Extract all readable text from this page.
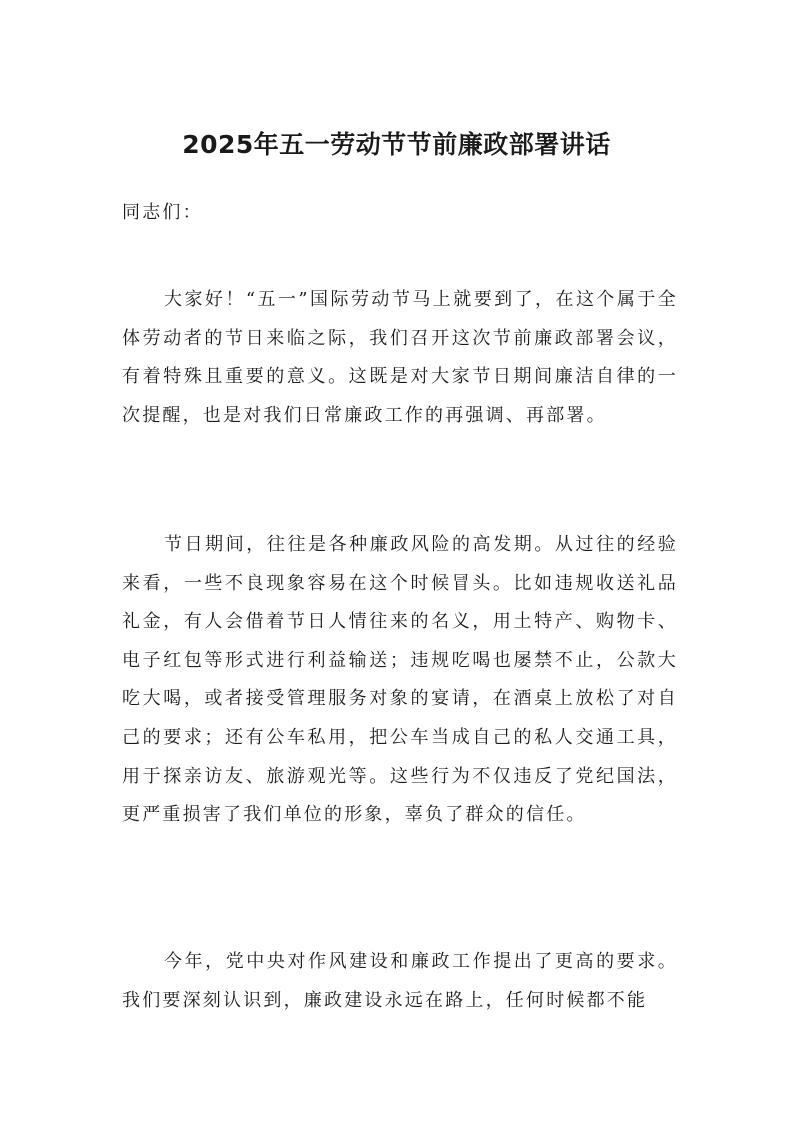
2025年五一劳动节节前廉政部署讲话

同志们：

大家好！“五一”国际劳动节马上就要到了，在这个属于全体劳动者的节日来临之际，我们召开这次节前廉政部署会议，有着特殊且重要的意义。这既是对大家节日期间廉洁自律的一次提醒，也是对我们日常廉政工作的再强调、再部署。

节日期间，往往是各种廉政风险的高发期。从过往的经验来看，一些不良现象容易在这个时候冒头。比如违规收送礼品礼金，有人会借着节日人情往来的名义，用土特产、购物卡、电子红包等形式进行利益输送；违规吃喝也屡禁不止，公款大吃大喝，或者接受管理服务对象的宴请，在酒桌上放松了对自己的要求；还有公车私用，把公车当成自己的私人交通工具，用于探亲访友、旅游观光等。这些行为不仅违反了党纪国法，更严重损害了我们单位的形象，辜负了群众的信任。

今年，党中央对作风建设和廉政工作提出了更高的要求。我们要深刻认识到，廉政建设永远在路上，任何时候都不能
